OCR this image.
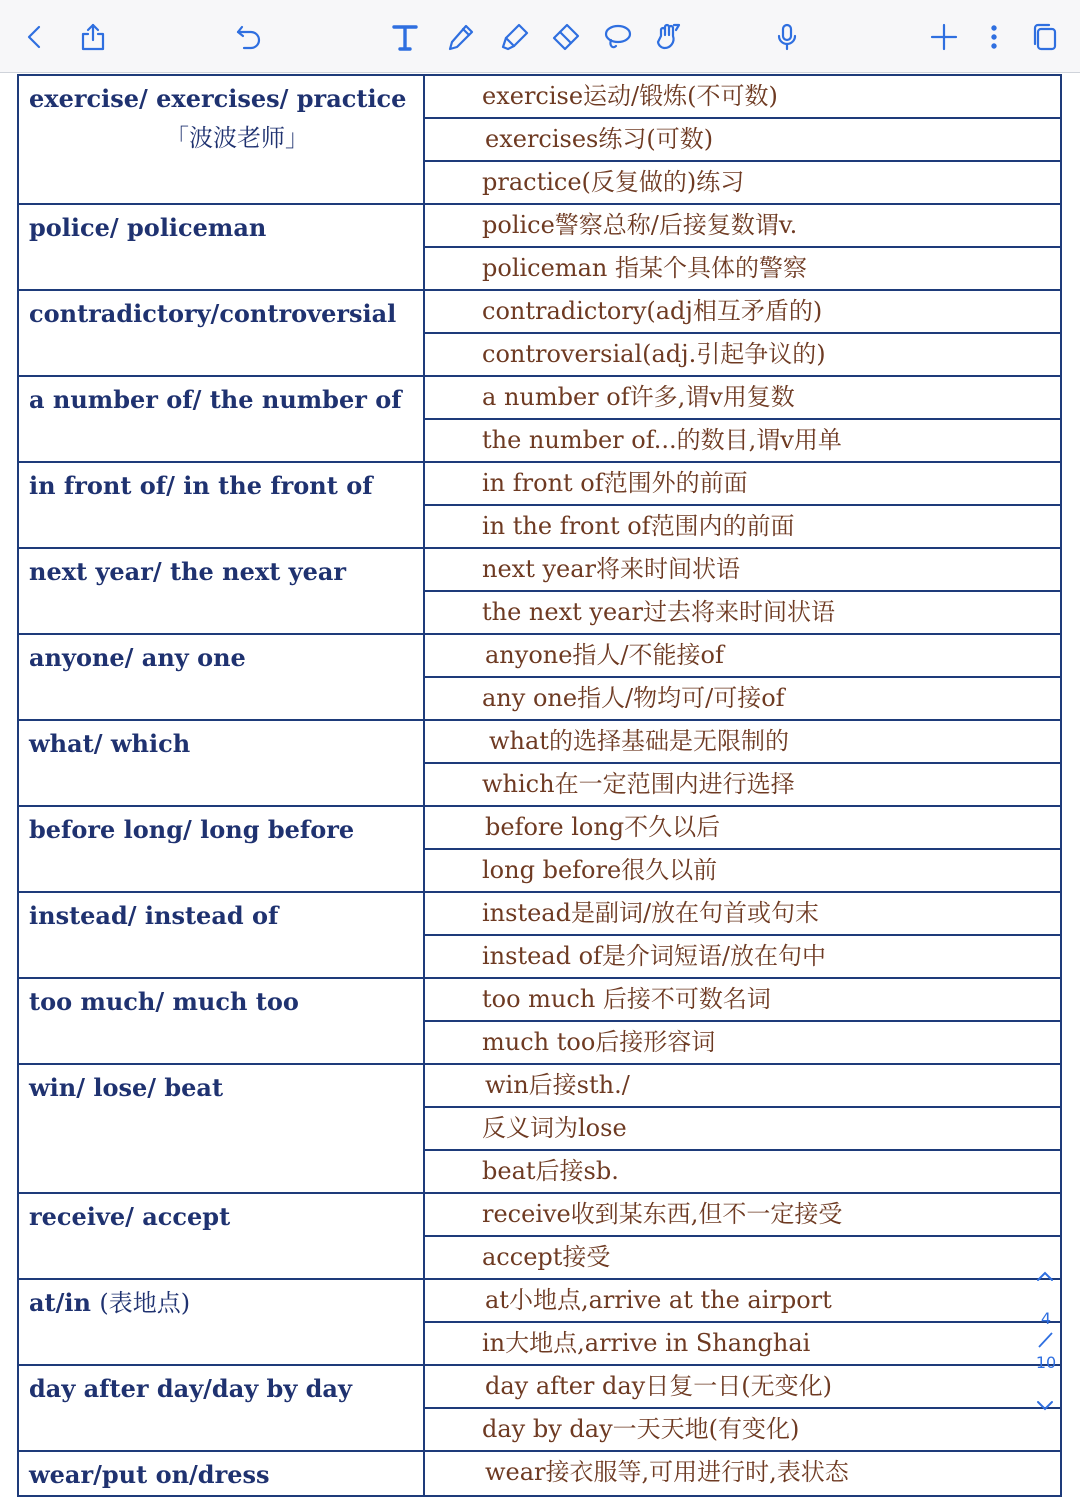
exercise/ exercises/ practice
「波波老师」	exercise运动/锻炼(不可数)
	exercises练习(可数)
	practice(反复做的)练习
police/ policeman	police警察总称/后接复数谓v.
	policeman 指某个具体的警察
contradictory/controversial	contradictory(adj相互矛盾的)
	controversial(adj.引起争议的)
a number of/ the number of	a number of许多,谓v用复数
	the number of...的数目,谓v用单
in front of/ in the front of	in front of范围外的前面
	in the front of范围内的前面
next year/ the next year	next year将来时间状语
	the next year过去将来时间状语
anyone/ any one	anyone指人/不能接of
	any one指人/物均可/可接of
what/ which	what的选择基础是无限制的
	which在一定范围内进行选择
before long/ long before	before long不久以后
	long before很久以前
instead/ instead of	instead是副词/放在句首或句末
	instead of是介词短语/放在句中
too much/ much too	too much 后接不可数名词
	much too后接形容词
win/ lose/ beat	win后接sth./
	反义词为lose
	beat后接sb.
receive/ accept	receive收到某东西,但不一定接受
	accept接受
at/in (表地点)	at小地点,arrive at the airport
	in大地点,arrive in Shanghai
day after day/day by day	day after day日复一日(无变化)
	day by day一天天地(有变化)
wear/put on/dress	wear接衣服等,可用进行时,表状态
4
10
